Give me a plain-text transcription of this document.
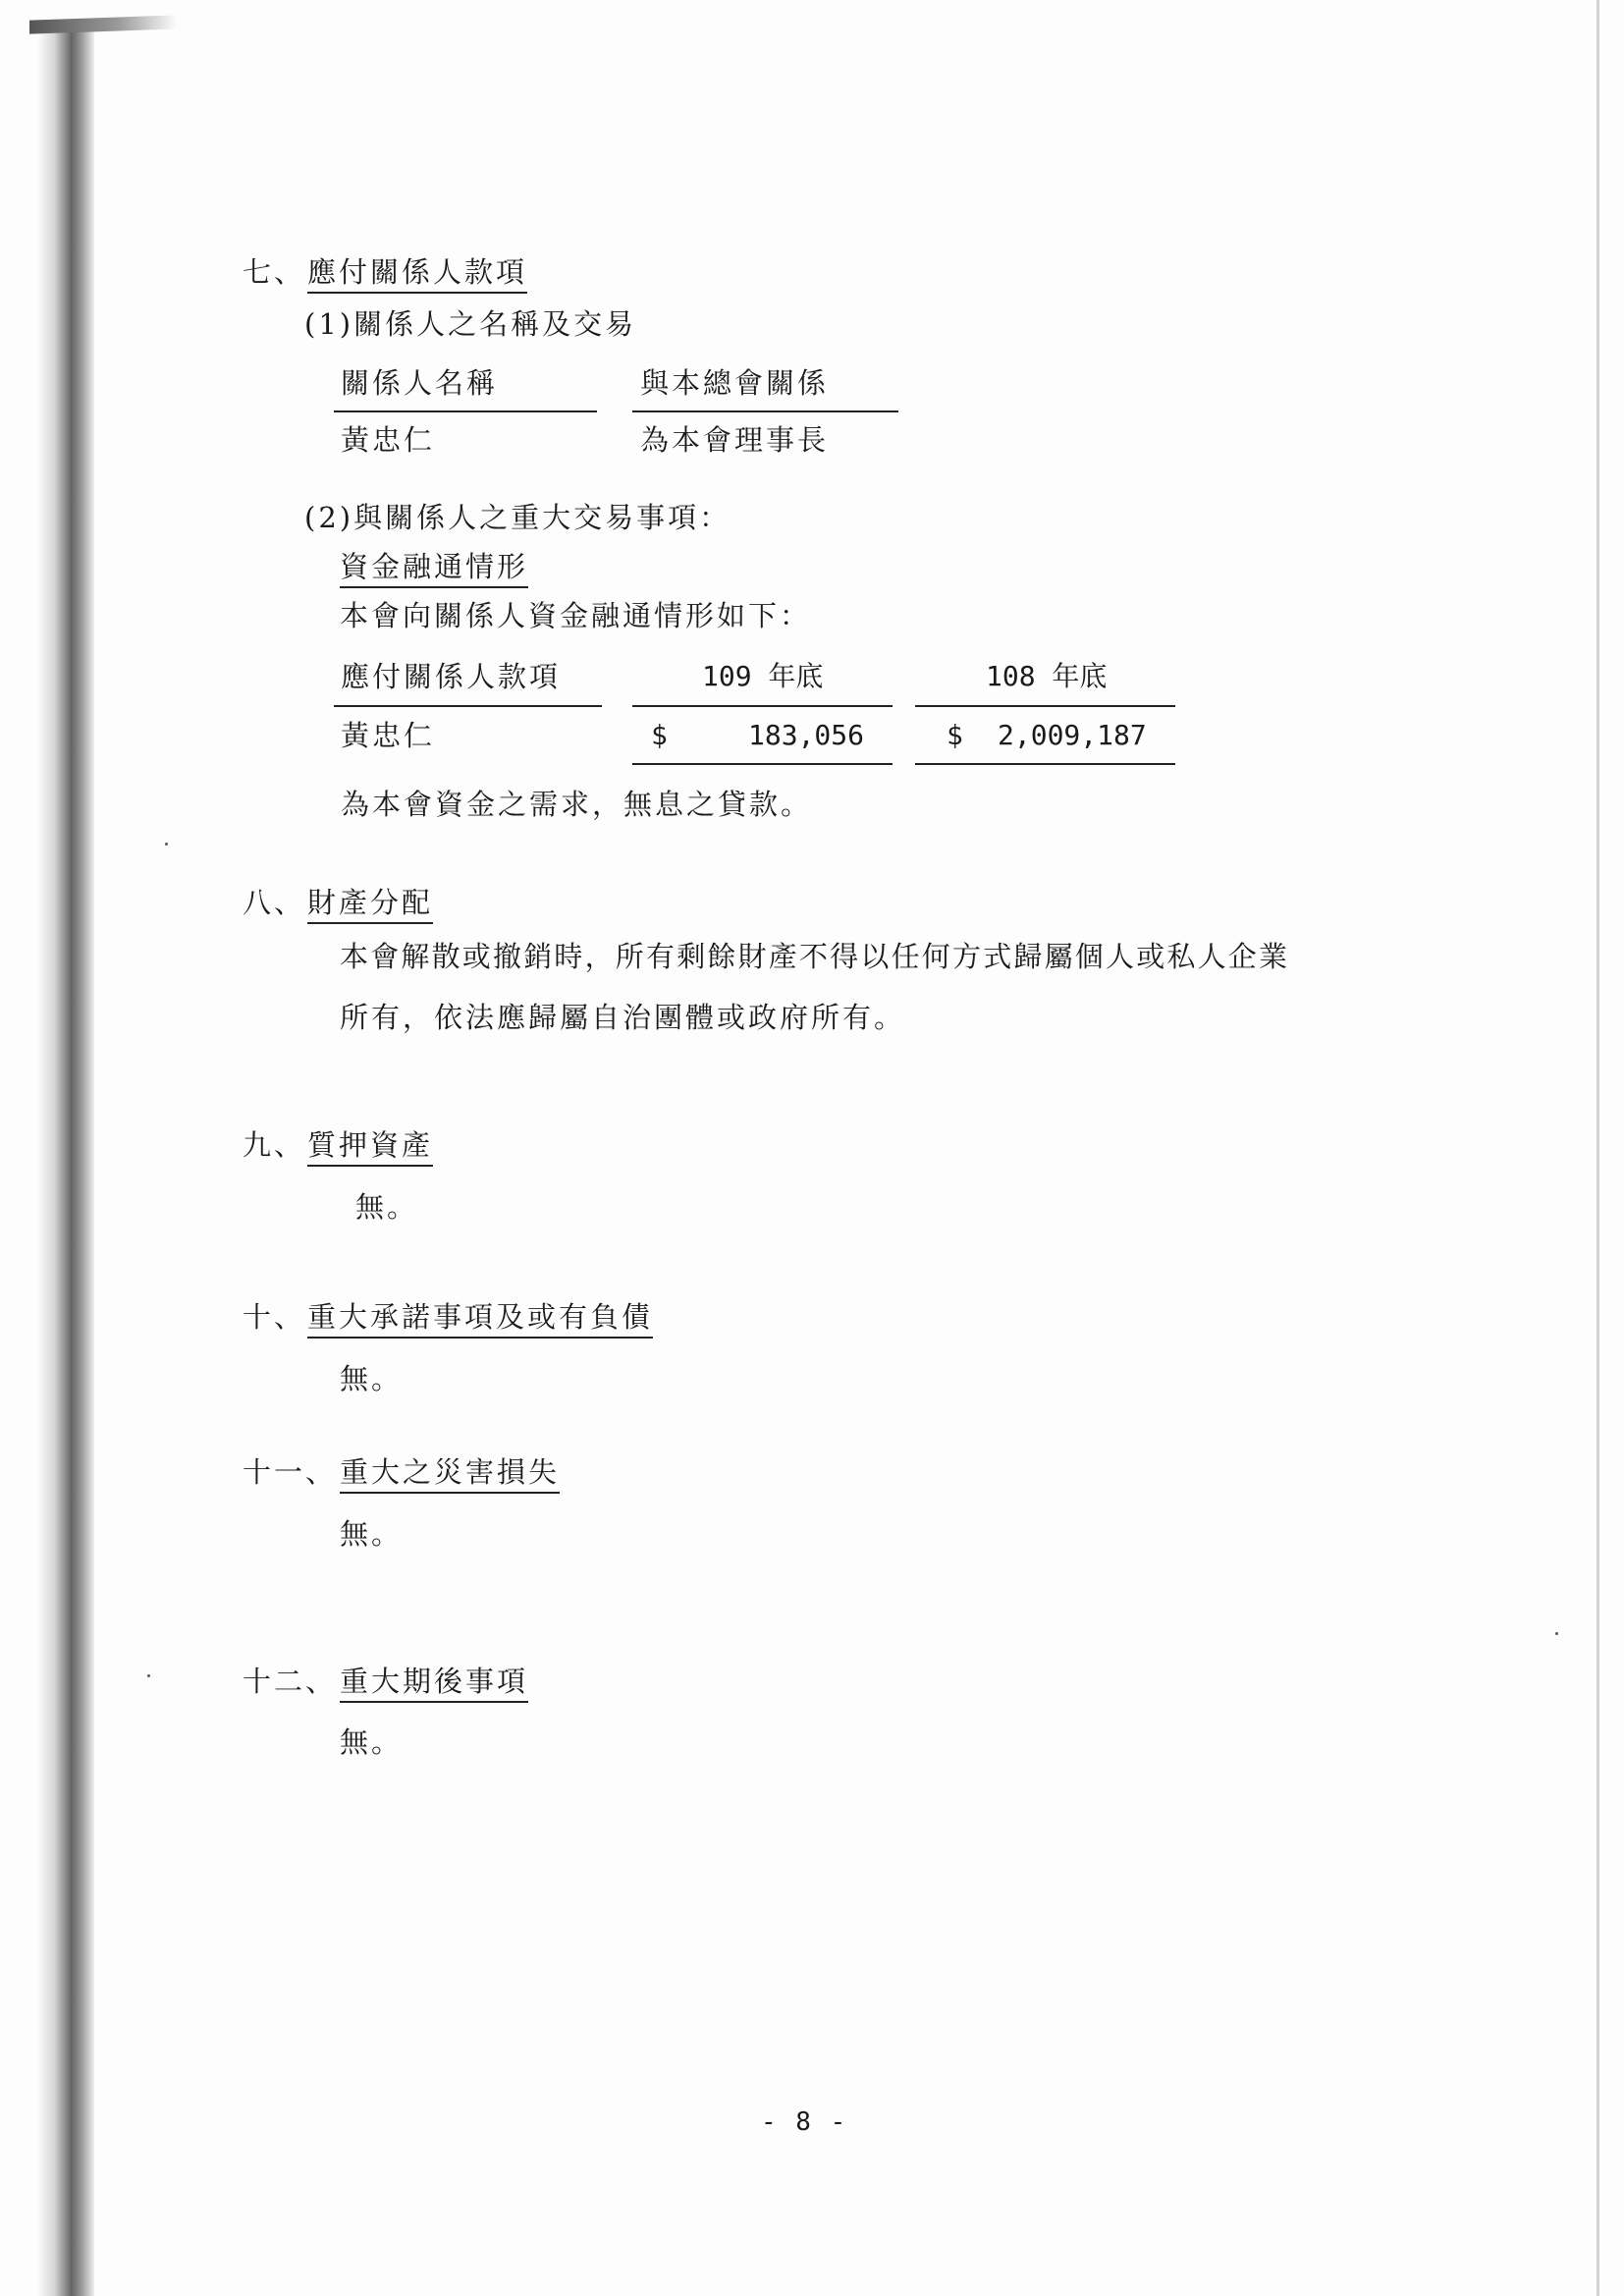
七、 應付關係人款項
(1)關係人之名稱及交易
關係人名稱	與本總會關係
黃忠仁	為本會理事長
(2)與關係人之重大交易事項：
資金融通情形
本會向關係人資金融通情形如下：
應付關係人款項	109 年底	108 年底
黃忠仁	$	183,056	$ 2,009,187
為本會資金之需求，無息之貸款。
八、 財產分配
本會解散或撤銷時，所有剩餘財產不得以任何方式歸屬個人或私人企業
所有，依法應歸屬自治團體或政府所有。
九、 質押資產
無。
十、 重大承諾事項及或有負債
無。
十一、 重大之災害損失
無。
十二、 重大期後事項
無。
- 8 -
